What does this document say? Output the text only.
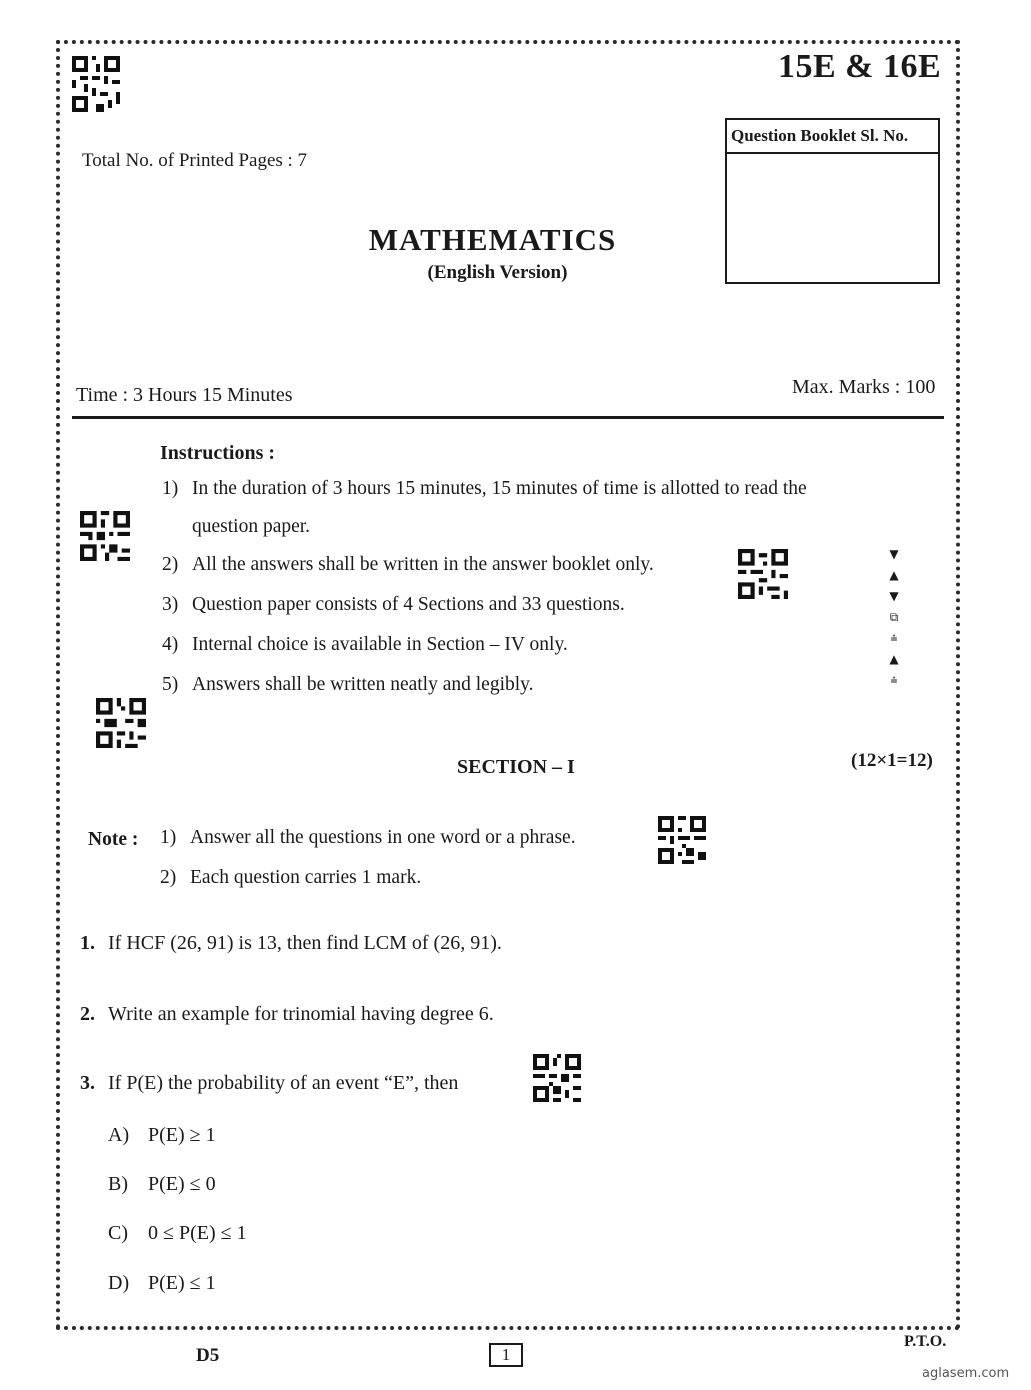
15E & 16E
Question Booklet Sl. No.
Total No. of Printed Pages : 7
MATHEMATICS
(English Version)
Time : 3 Hours 15 Minutes	Max. Marks : 100
Instructions :
1) In the duration of 3 hours 15 minutes, 15 minutes of time is allotted to read the
question paper.
2) All the answers shall be written in the answer booklet only.
3) Question paper consists of 4 Sections and 33 questions.
4) Internal choice is available in Section – IV only.
5) Answers shall be written neatly and legibly.
▼
▲
▼
⧉
⩮
▲
⩮
SECTION – I	(12×1=12)
Note : 1) Answer all the questions in one word or a phrase.
2) Each question carries 1 mark.
1. If HCF (26, 91) is 13, then find LCM of (26, 91).
2. Write an example for trinomial having degree 6.
3. If P(E) the probability of an event “E”, then
A) P(E) ≥ 1
B) P(E) ≤ 0
C) 0 ≤ P(E) ≤ 1
D) P(E) ≤ 1
D5	1
P.T.O.
aglasem.com
